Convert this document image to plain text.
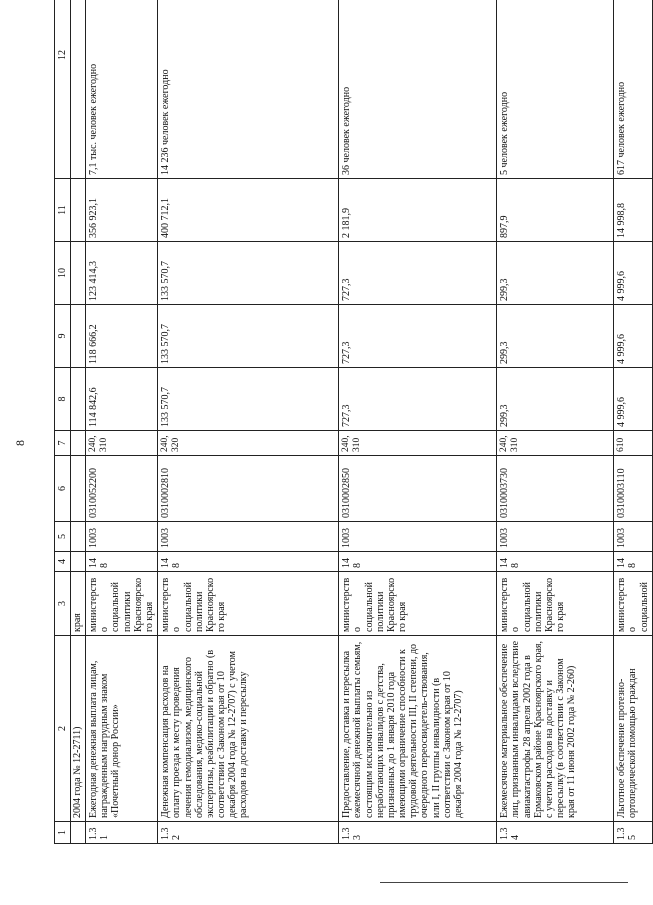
8
1	2	3	4	5	6	7	8	9	10	11	12
	2004 года № 12-2711)	края									
1.31	Ежегодная денежная выплата лицам, награжденным нагрудным знаком «Почетный донор России»	министерство социальной политики Красноярского края	148	1003	0310052200	240, 310	114 842,6	118 666,2	123 414,3	356 923,1	7,1 тыс. человек ежегодно
1.32	Денежная компенсация расходов на оплату проезда к месту проведения лечения гемодиализом, медицинского обследования, медико-социальной экспертизы, реабилитации и обратно (в соответствии с Законом края от 10 декабря 2004 года № 12-2707) с учетом расходов на доставку и пересылку	министерство социальной политики Красноярского края	148	1003	0310002810	240, 320	133 570,7	133 570,7	133 570,7	400 712,1	14 236 человек ежегодно
1.33	Предоставление, доставка и пересылка ежемесячной денежной выплаты семьям, состоящим исключительно из неработающих инвалидов с детства, признанных до 1 января 2010 года имеющими ограничение способности к трудовой деятельности III, II степени, до очередного переосвидетель-ствования, или I, II группы инвалидности (в соответствии с Законом края от 10 декабря 2004 года № 12-2707)	министерство социальной политики Красноярского края	148	1003	0310002850	240, 310	727,3	727,3	727,3	2 181,9	36 человек ежегодно
1.34	Ежемесячное материальное обеспечение лиц, признанным инвалидами вследствие авиакатастрофы 28 апреля 2002 года в Ермаковском районе Красноярского края, с учетом расходов на доставку и пересылку (в соответствии с Законом края от 11 июня 2002 года № 2-260)	министерство социальной политики Красноярского края	148	1003	0310003730	240, 310	299,3	299,3	299,3	897,9	5 человек ежегодно
1.35	Льготное обеспечение протезно-ортопедической помощью граждан	министерство социальной	148	1003	0310003110	610	4 999,6	4 999,6	4 999,6	14 998,8	617 человек ежегодно
